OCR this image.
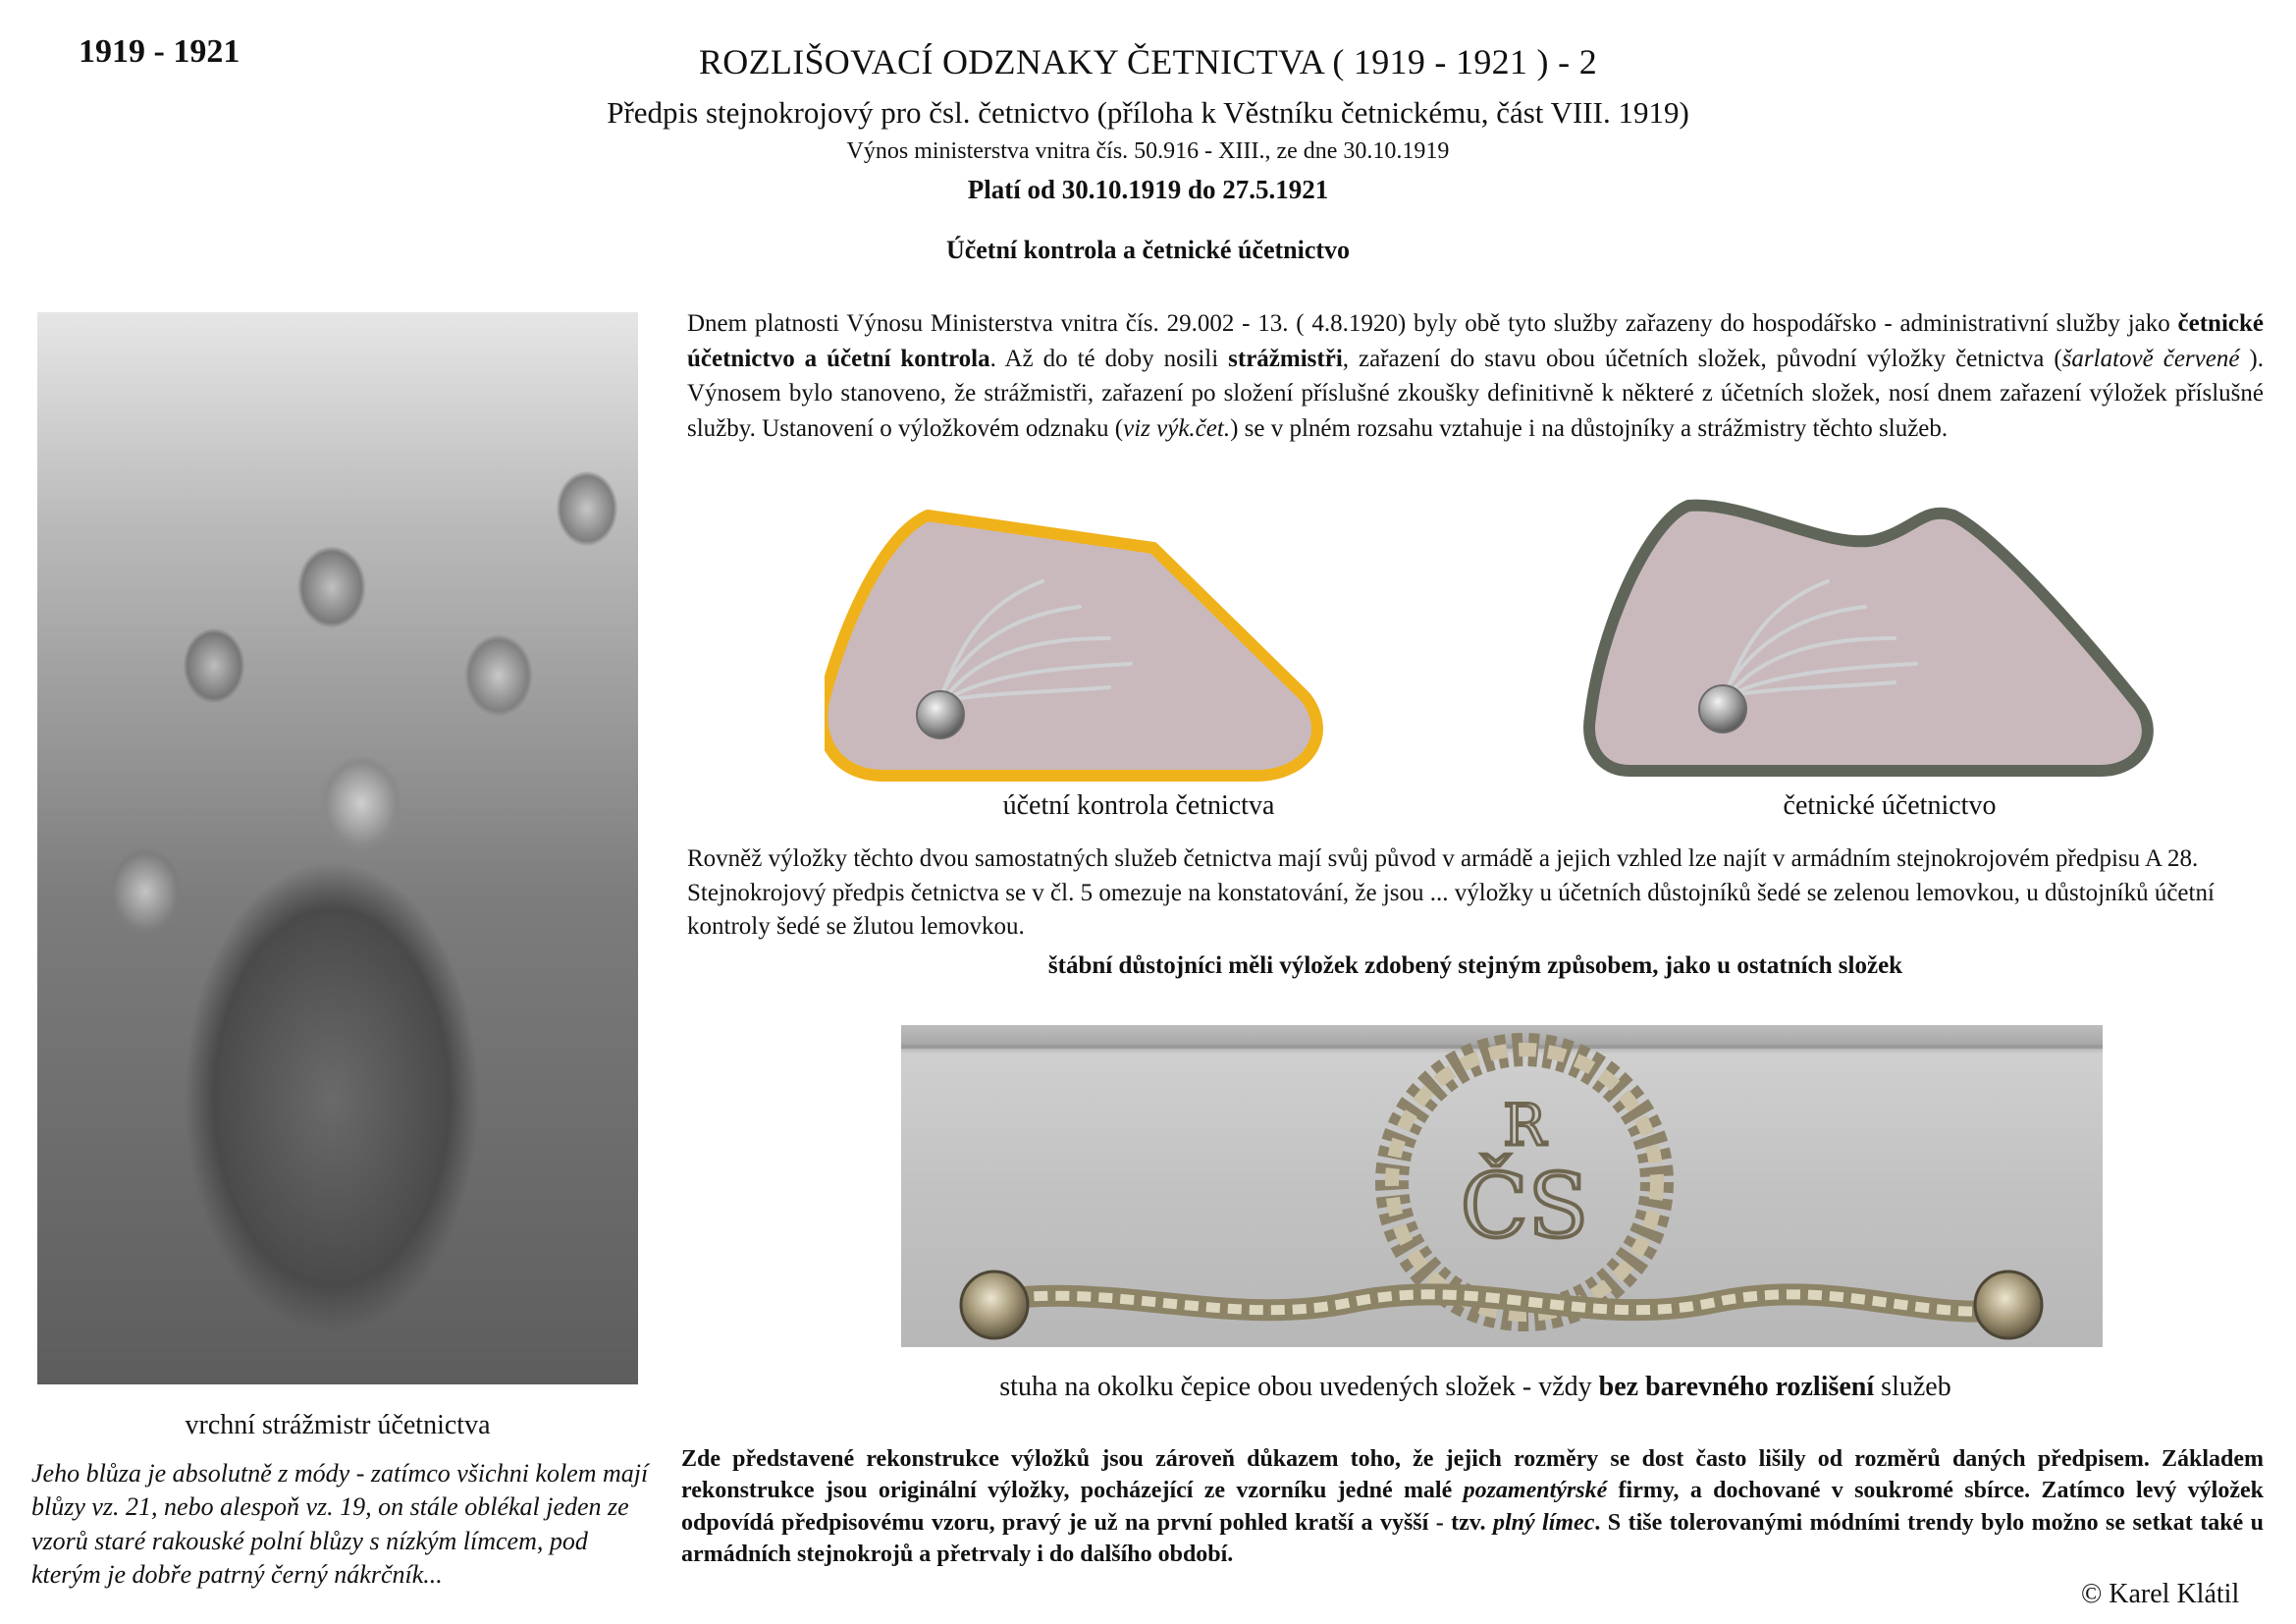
1919 - 1921	ROZLIŠOVACÍ ODZNAKY ČETNICTVA ( 1919 - 1921 ) - 2
Předpis stejnokrojový pro čsl. četnictvo (příloha k Věstníku četnickému, část VIII. 1919)
Výnos ministerstva vnitra čís. 50.916 - XIII., ze dne 30.10.1919
Platí od 30.10.1919 do 27.5.1921
Účetní kontrola a četnické účetnictvo
vrchní strážmistr účetnictva
Jeho blůza je absolutně z módy - zatímco všichni kolem mají blůzy vz. 21, nebo alespoň vz. 19, on stále oblékal jeden ze vzorů staré rakouské polní blůzy s nízkým límcem, pod kterým je dobře patrný černý nákrčník...
Dnem platnosti Výnosu Ministerstva vnitra čís. 29.002 - 13. ( 4.8.1920) byly obě tyto služby zařazeny do hospodářsko - administrativní služby jako četnické účetnictvo a účetní kontrola. Až do té doby nosili strážmistři, zařazení do stavu obou účetních složek, původní výložky četnictva (šarlatově červené ). Výnosem bylo stanoveno, že strážmistři, zařazení po složení příslušné zkoušky definitivně k některé z účetních složek, nosí dnem zařazení výložek příslušné služby. Ustanovení o výložkovém odznaku (viz výk.čet.) se v plném rozsahu vztahuje i na důstojníky a strážmistry těchto služeb.
účetní kontrola četnictva	četnické účetnictvo
Rovněž výložky těchto dvou samostatných služeb četnictva mají svůj původ v armádě a jejich vzhled lze najít v armádním stejnokrojovém předpisu A 28. Stejnokrojový předpis četnictva se v čl. 5 omezuje na konstatování, že jsou ... výložky u účetních důstojníků šedé se zelenou lemovkou, u důstojníků účetní kontroly šedé se žlutou lemovkou.
štábní důstojníci měli výložek zdobený stejným způsobem, jako u ostatních složek
R
ČS
stuha na okolku čepice obou uvedených složek - vždy bez barevného rozlišení služeb
Zde představené rekonstrukce výložků jsou zároveň důkazem toho, že jejich rozměry se dost často lišily od rozměrů daných předpisem. Základem rekonstrukce jsou originální výložky, pocházející ze vzorníku jedné malé pozamentýrské firmy, a dochované v soukromé sbírce. Zatímco levý výložek odpovídá předpisovému vzoru, pravý je už na první pohled kratší a vyšší - tzv. plný límec. S tiše tolerovanými módními trendy bylo možno se setkat také u armádních stejnokrojů a přetrvaly i do dalšího období.
© Karel Klátil
